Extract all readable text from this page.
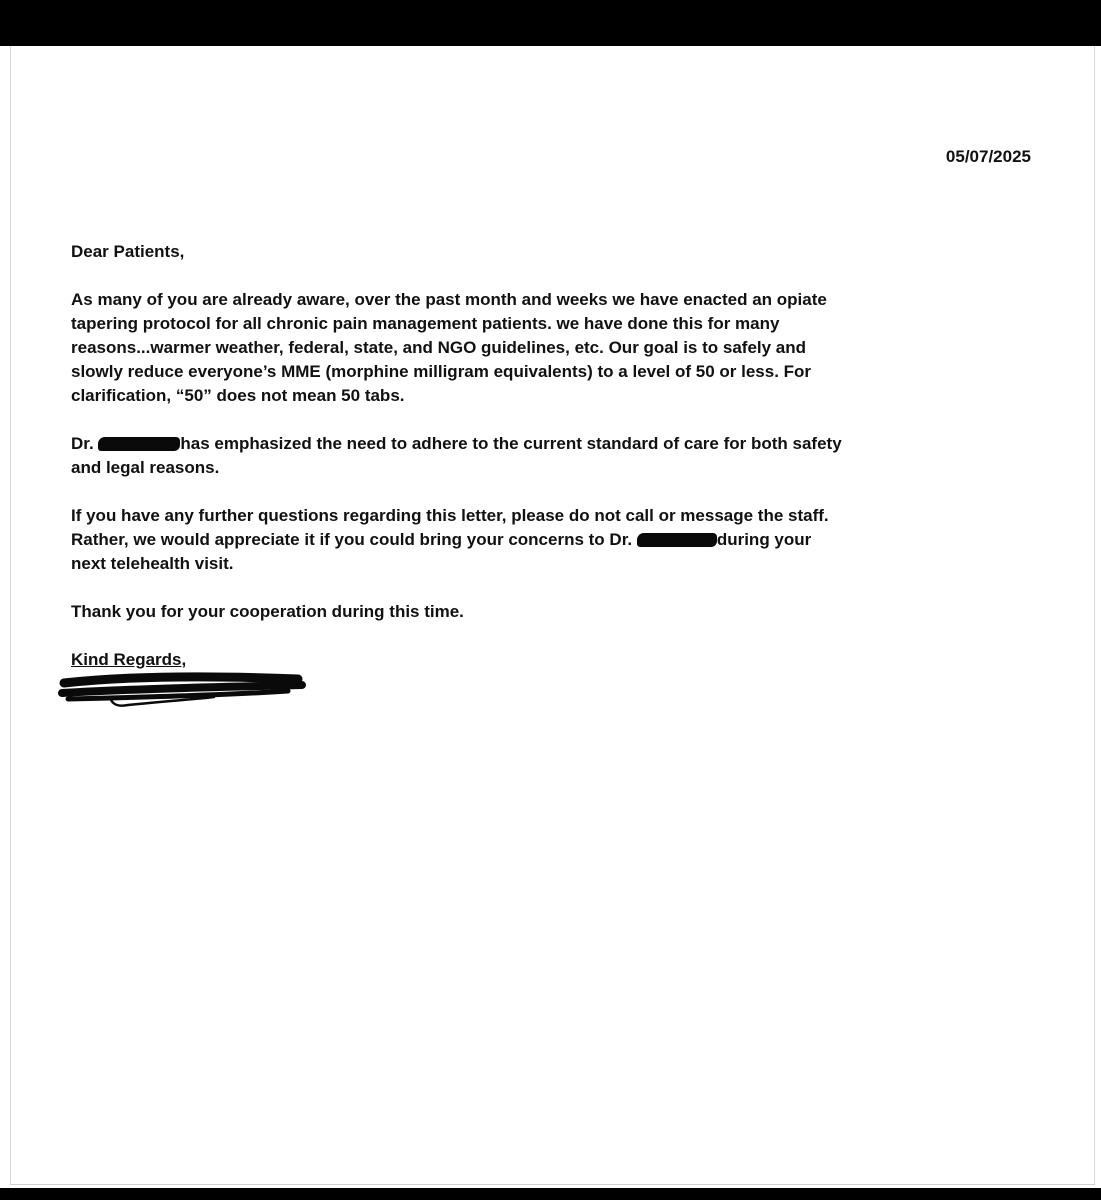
05/07/2025
Dear Patients,
As many of you are already aware, over the past month and weeks we have enacted an opiate
tapering protocol for all chronic pain management patients. we have done this for many
reasons...warmer weather, federal, state, and NGO guidelines, etc. Our goal is to safely and
slowly reduce everyone’s MME (morphine milligram equivalents) to a level of 50 or less. For
clarification, “50” does not mean 50 tabs.
Dr.	has emphasized the need to adhere to the current standard of care for both safety
and legal reasons.
If you have any further questions regarding this letter, please do not call or message the staff.
Rather, we would appreciate it if you could bring your concerns to Dr.	during your
next telehealth visit.
Thank you for your cooperation during this time.
Kind Regards,
